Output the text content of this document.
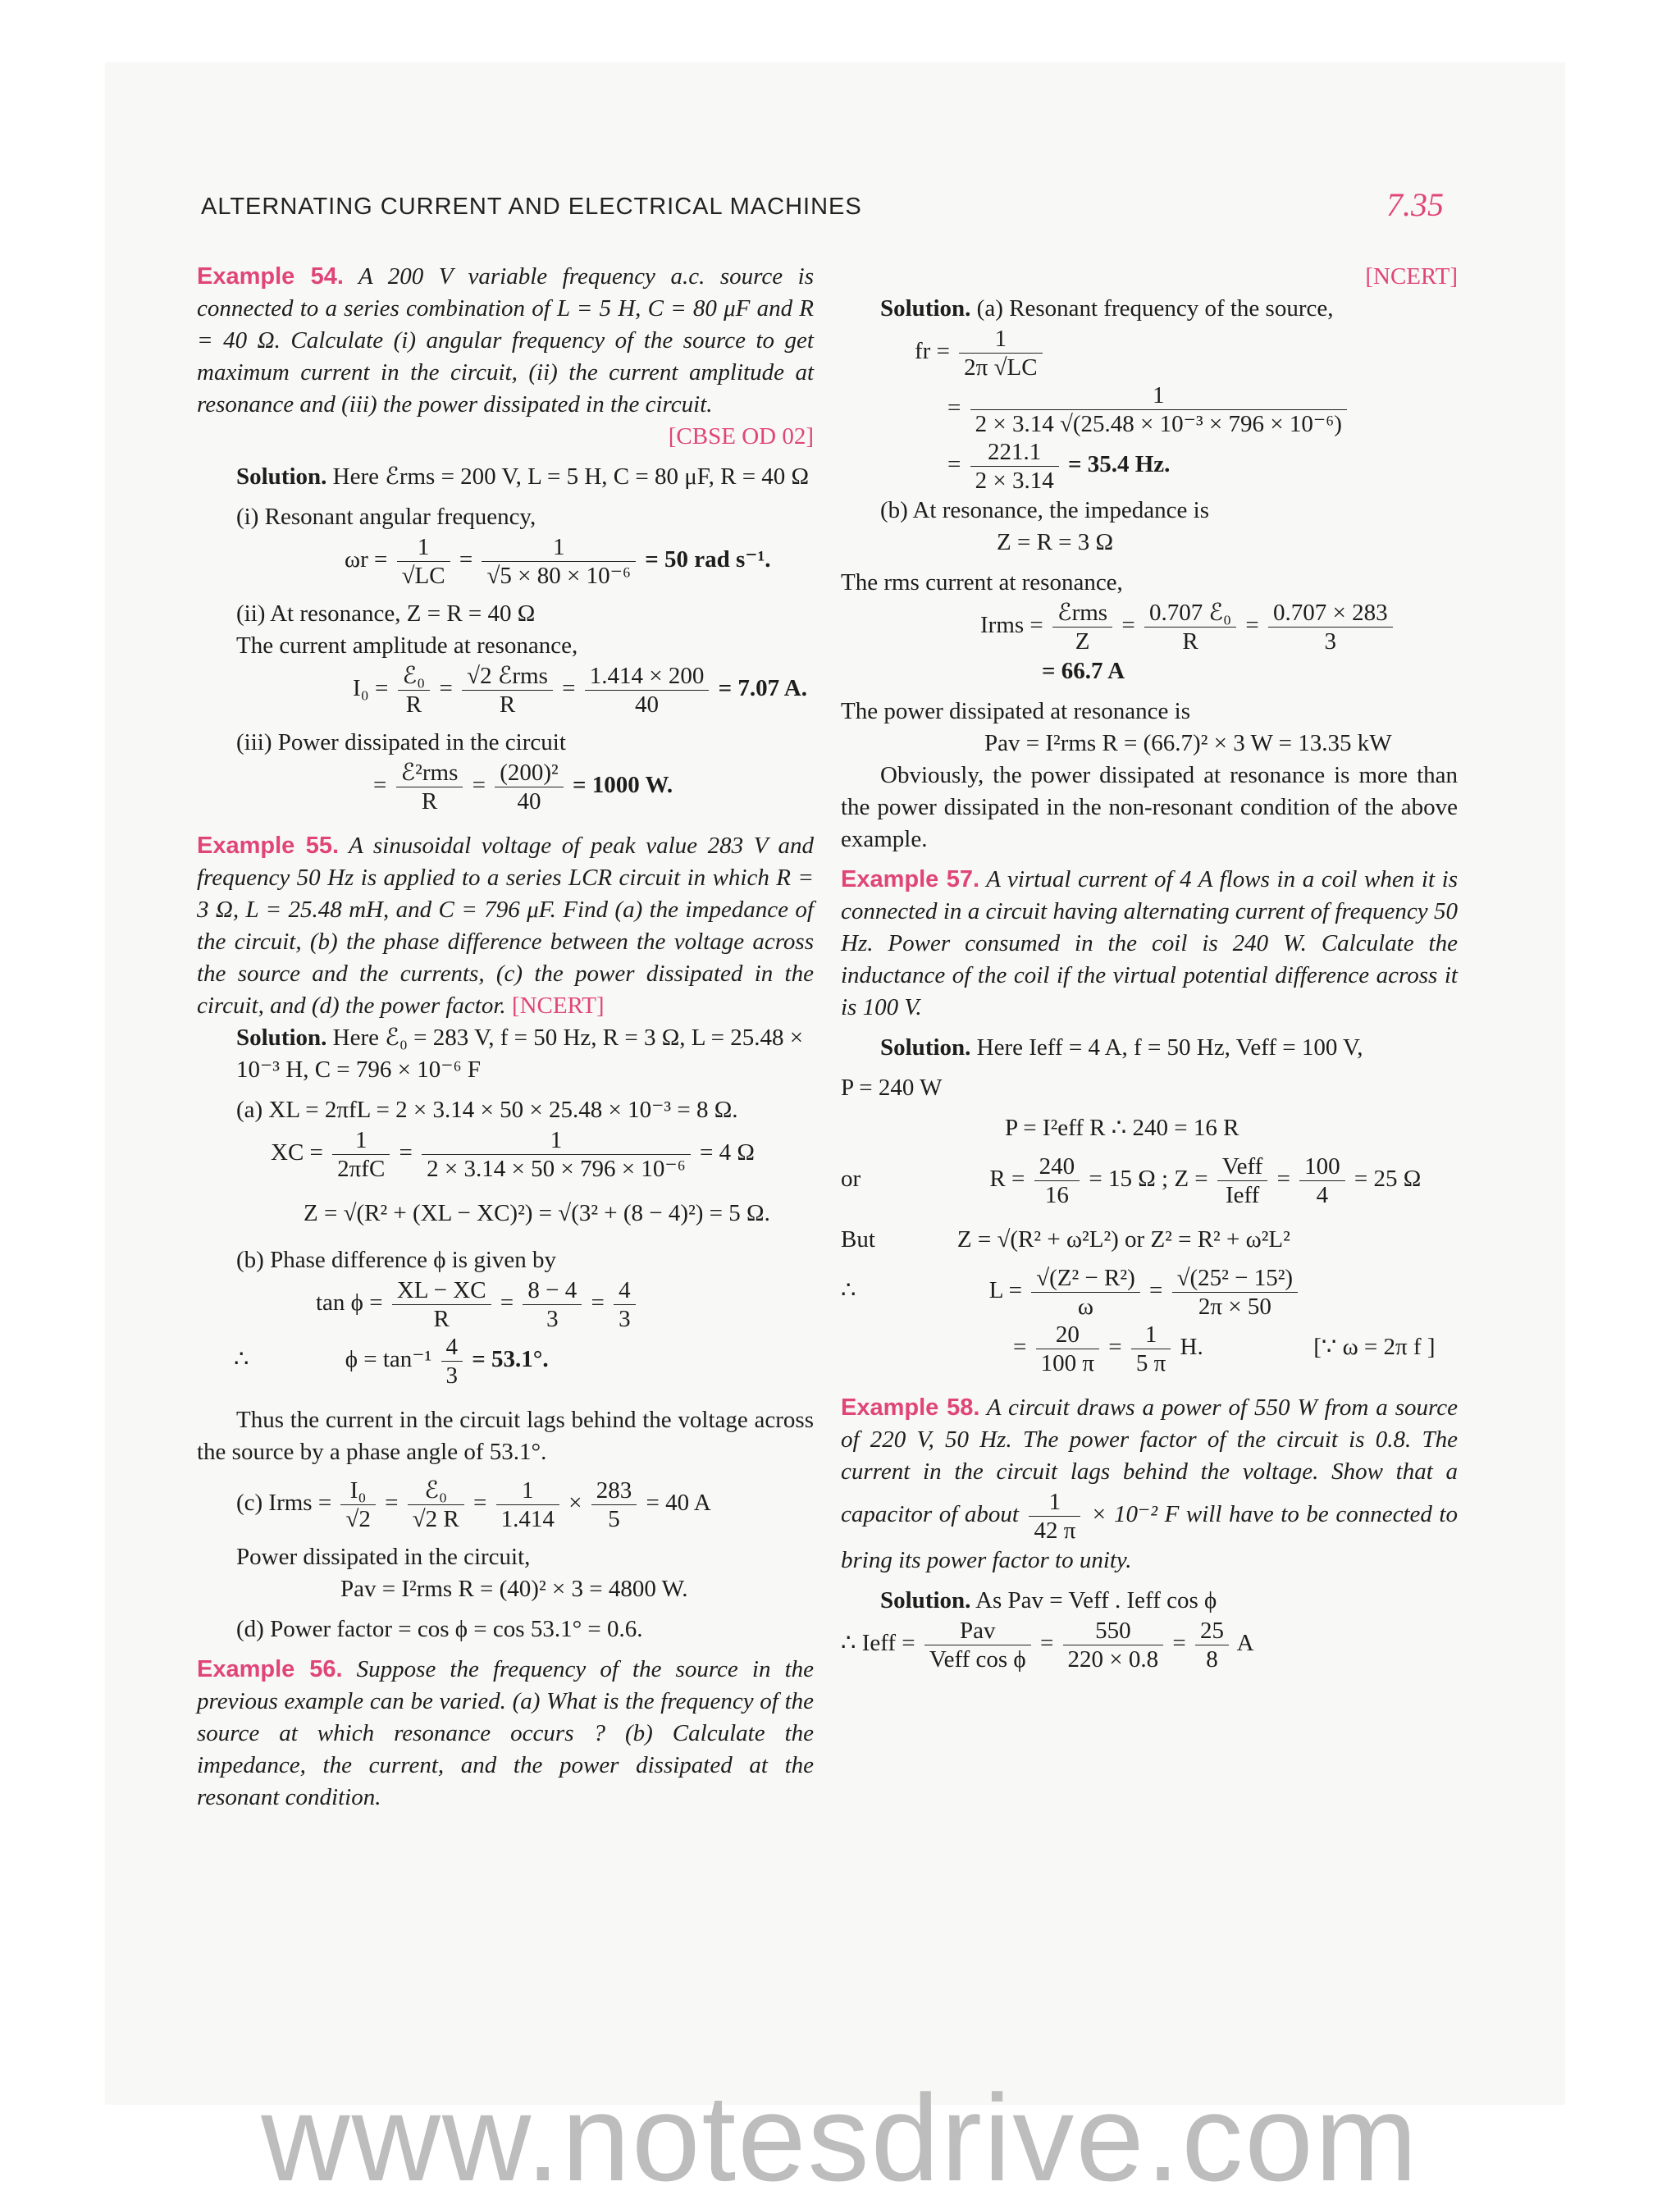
ALTERNATING CURRENT AND ELECTRICAL MACHINES	7.35

Example 54. A 200 V variable frequency a.c. source is connected to a series combination of L = 5 H, C = 80 μF and R = 40 Ω. Calculate (i) angular frequency of the source to get maximum current in the circuit, (ii) the current amplitude at resonance and (iii) the power dissipated in the circuit.

[CBSE OD 02]

Solution. Here ℰrms = 200 V, L = 5 H, C = 80 μF, R = 40 Ω

(i) Resonant angular frequency,

$\omega r = \frac{1}{√LC} = \frac{1}{\text{√5 × 80 × 10⁻⁶}} = 50$ rad s⁻¹.

(ii) At resonance, Z = R = 40 Ω

The current amplitude at resonance,

$I_0 = \frac{\text{ℰ₀}}{R} = \frac{\text{√2 ℰrms}}{R} = \frac{1.414 \times 200}{40} = 7.07$ A.

(iii) Power dissipated in the circuit

= $\frac{\text{ℰ²rms}}{R} = \frac{\text{(200)²}}{40} = 1000$ W.

Example 55. A sinusoidal voltage of peak value 283 V and frequency 50 Hz is applied to a series LCR circuit in which R = 3 Ω, L = 25.48 mH, and C = 796 μF. Find (a) the impedance of the circuit, (b) the phase difference between the voltage across the source and the currents, (c) the power dissipated in the circuit, and (d) the power factor. [NCERT]

Solution. Here ℰ₀ = 283 V, f = 50 Hz, R = 3 Ω, L = 25.48 × 10⁻³ H, C = 796 × 10⁻⁶ F

(a) XL = 2πfL = 2 × 3.14 × 50 × 25.48 × 10⁻³ = 8 Ω.

XC = $\frac{1}{\text{2πfC}} = \frac{1}{\text{2 × 3.14 × 50 × 796 × 10⁻⁶}} = 4$ Ω

Z = √(R² + (XL − XC)²) = √(3² + (8 − 4)²) = 5 Ω.

(b) Phase difference ϕ is given by

$\tan \phi = \frac{XL - XC}{R} = \frac{8 - 4}{3} = \frac{4}{3}$

∴	$\phi = \tan^{-1} \frac{4}{3} = 53.1^\circ$.

Thus the current in the circuit lags behind the voltage across the source by a phase angle of 53.1°.

(c) Irms = $\frac{\text{I₀}}{√2} = \frac{\text{ℰ₀}}{√2 R} = \frac{1}{1.414} \times \frac{283}{5} = 40$ A

Power dissipated in the circuit,

Pav = I²rms R = (40)² × 3 = 4800 W.

(d) Power factor = cos ϕ = cos 53.1° = 0.6.

Example 56. Suppose the frequency of the source in the previous example can be varied. (a) What is the frequency of the source at which resonance occurs ? (b) Calculate the impedance, the current, and the power dissipated at the resonant condition.

[NCERT]

Solution. (a) Resonant frequency of the source,

fr = $\frac{1}{2\pi √LC}$

= $\frac{1}{\text{2 × 3.14 √(25.48 × 10⁻³ × 796 × 10⁻⁶)}}$

= $\frac{221.1}{2 \times 3.14} = 35.4$ Hz.

(b) At resonance, the impedance is

Z = R = 3 Ω

The rms current at resonance,

Irms = $\frac{\text{ℰrms}}{Z} = \frac{\text{0.707 ℰ₀}}{R} = \frac{0.707 \times 283}{3}$

= 66.7 A

The power dissipated at resonance is

Pav = I²rms R = (66.7)² × 3 W = 13.35 kW

Obviously, the power dissipated at resonance is more than the power dissipated in the non-resonant condition of the above example.

Example 57. A virtual current of 4 A flows in a coil when it is connected in a circuit having alternating current of frequency 50 Hz. Power consumed in the coil is 240 W. Calculate the inductance of the coil if the virtual potential difference across it is 100 V.

Solution. Here Ieff = 4 A, f = 50 Hz, Veff = 100 V,

P = 240 W

P = I²eff R ∴ 240 = 16 R

or	$R = \frac{240}{16} = 15$ Ω ; $Z = \frac{\text{Veff}}{\text{Ieff}} = \frac{100}{4} = 25$ Ω

But	Z = √(R² + ω²L²) or Z² = R² + ω²L²

∴	$L = \frac{\text{√(Z² − R²)}}{\omega} = \frac{\text{√(25² − 15²)}}{2\pi \times 50}$

= $\frac{20}{100 \pi} = \frac{1}{5 \pi} H$.	[∵ ω = 2π f ]

Example 58. A circuit draws a power of 550 W from a source of 220 V, 50 Hz. The power factor of the circuit is 0.8. The current in the circuit lags behind the voltage. Show that a capacitor of about $\frac{1}{42 \pi} \times 10^{-2}$ F will have to be connected to bring its power factor to unity.

Solution. As Pav = Veff . Ieff cos ϕ

∴ Ieff = $\frac{\text{Pav}}{\text{Veff cos ϕ}} = \frac{550}{220 \times 0.8} = \frac{25}{8}$ A

www.notesdrive.com
